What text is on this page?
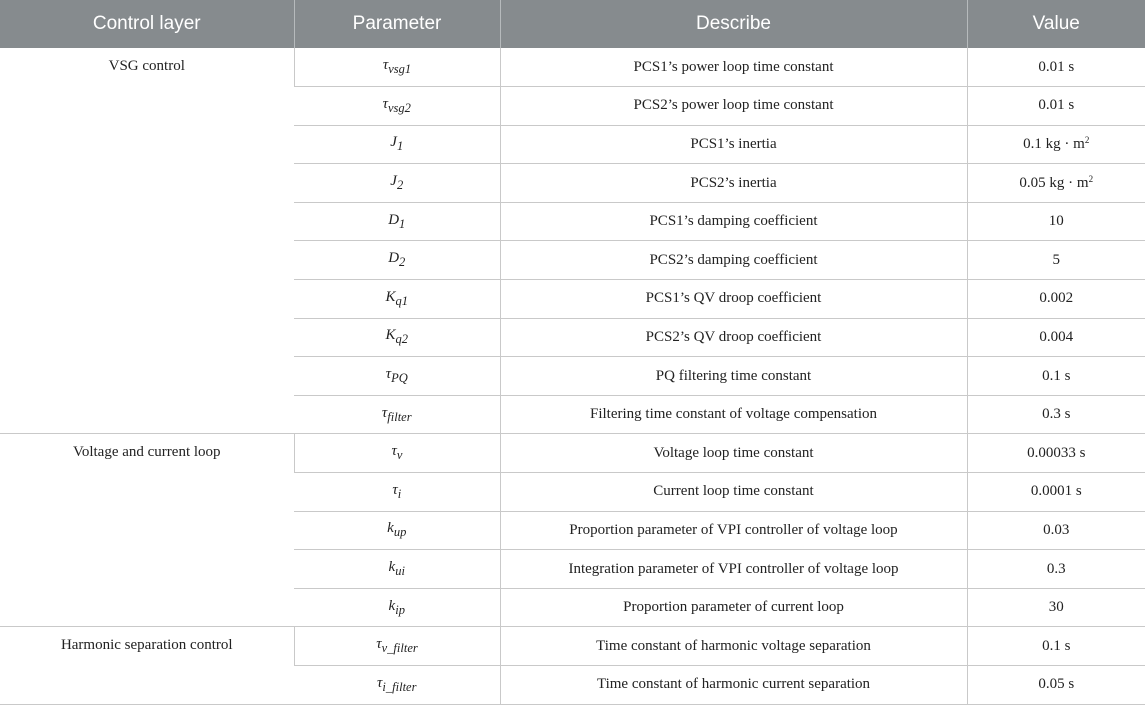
Control layer	Parameter	Describe	Value
VSG control	$\tau_{vsg1}$	PCS1’s power loop time constant	0.01 s
	$\tau_{vsg2}$	PCS2’s power loop time constant	0.01 s
	$J_1$	PCS1’s inertia	0.1 kg · $m^2$
	$J_2$	PCS2’s inertia	0.05 kg · $m^2$
	$D_1$	PCS1’s damping coefficient	10
	$D_2$	PCS2’s damping coefficient	5
	$K_{q1}$	PCS1’s QV droop coefficient	0.002
	$K_{q2}$	PCS2’s QV droop coefficient	0.004
	$\tau_{PQ}$	PQ filtering time constant	0.1 s
	$\tau_{filter}$	Filtering time constant of voltage compensation	0.3 s
Voltage and current loop	$\tau_v$	Voltage loop time constant	0.00033 s
	$\tau_i$	Current loop time constant	0.0001 s
	$k_{up}$	Proportion parameter of VPI controller of voltage loop	0.03
	$k_{ui}$	Integration parameter of VPI controller of voltage loop	0.3
	$k_{ip}$	Proportion parameter of current loop	30
Harmonic separation control	$\tau_{v\_filter}$	Time constant of harmonic voltage separation	0.1 s
	$\tau_{i\_filter}$	Time constant of harmonic current separation	0.05 s
